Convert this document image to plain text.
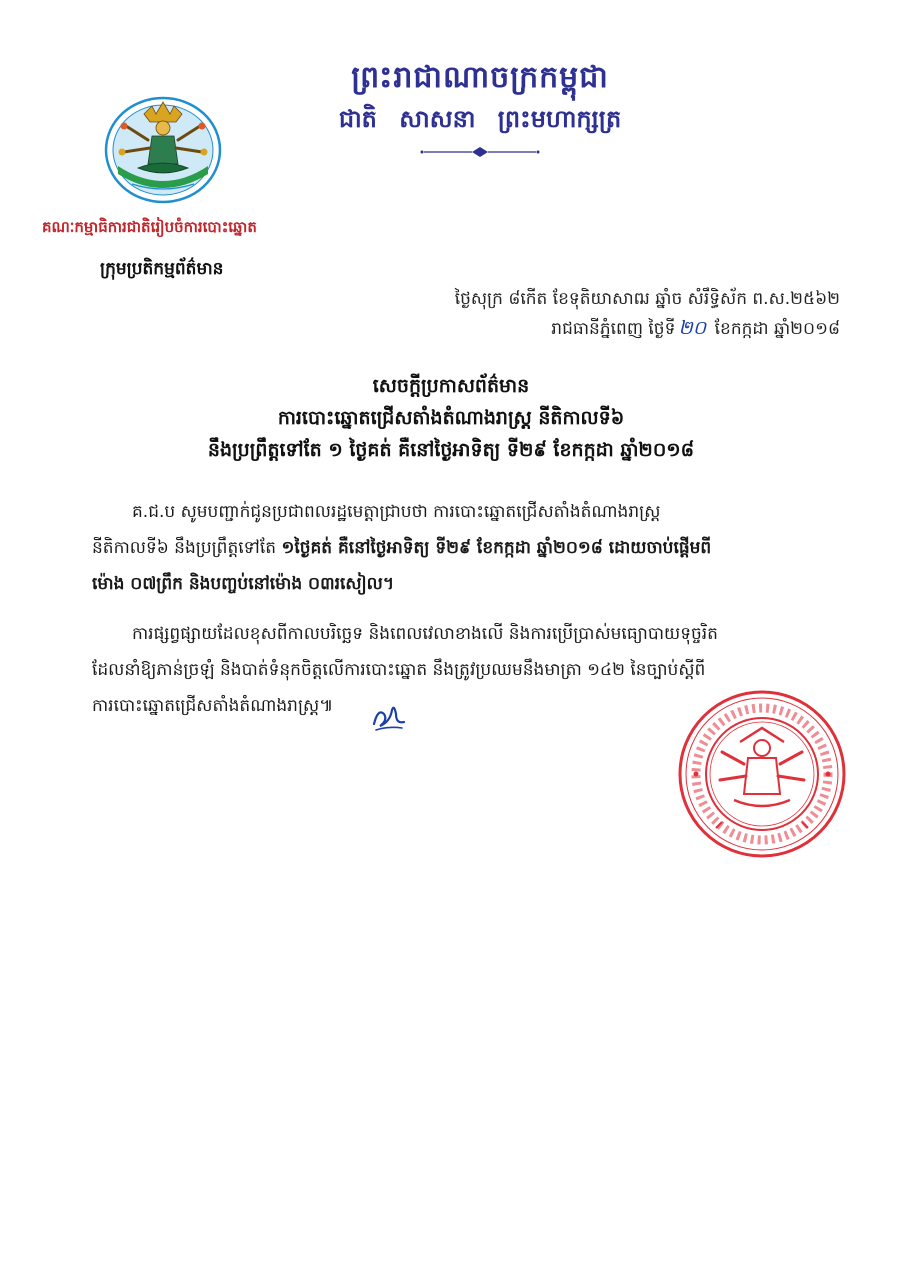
ព្រះរាជាណាចក្រកម្ពុជា
ជាតិ សាសនា ព្រះមហាក្សត្រ
គណៈកម្មាធិការជាតិរៀបចំការបោះឆ្នោត
ក្រុមប្រតិកម្មព័ត៌មាន
ថ្ងៃសុក្រ ៨កើត ខែទុតិយាសាឍ ឆ្នាំច សំរឹទ្ធិស័ក ព.ស.២៥៦២
រាជធានីភ្នំពេញ ថ្ងៃទី ២០ ខែកក្កដា ឆ្នាំ២០១៨
សេចក្តីប្រកាសព័ត៌មាន
ការបោះឆ្នោតជ្រើសតាំងតំណាងរាស្ត្រ នីតិកាលទី៦
នឹងប្រព្រឹត្តទៅតែ ១ ថ្ងៃគត់ គឺនៅថ្ងៃអាទិត្យ ទី២៩ ខែកក្កដា ឆ្នាំ២០១៨
គ.ជ.ប សូមបញ្ជាក់ជូនប្រជាពលរដ្ឋមេត្តាជ្រាបថា ការបោះឆ្នោតជ្រើសតាំងតំណាងរាស្ត្រ
នីតិកាលទី៦ នឹងប្រព្រឹត្តទៅតែ ១ថ្ងៃគត់ គឺនៅថ្ងៃអាទិត្យ ទី២៩ ខែកក្កដា ឆ្នាំ២០១៨ ដោយចាប់ផ្តើមពី
ម៉ោង ០៧ព្រឹក និងបញ្ចប់នៅម៉ោង ០៣រសៀល។
ការផ្សព្វផ្សាយដែលខុសពីកាលបរិច្ឆេទ និងពេលវេលាខាងលើ និងការប្រើប្រាស់មធ្យោបាយទុច្ចរិត
ដែលនាំឱ្យភាន់ច្រឡំ និងបាត់ទំនុកចិត្តលើការបោះឆ្នោត នឹងត្រូវប្រឈមនឹងមាត្រា ១៤២ នៃច្បាប់ស្តីពី
ការបោះឆ្នោតជ្រើសតាំងតំណាងរាស្ត្រ៕
